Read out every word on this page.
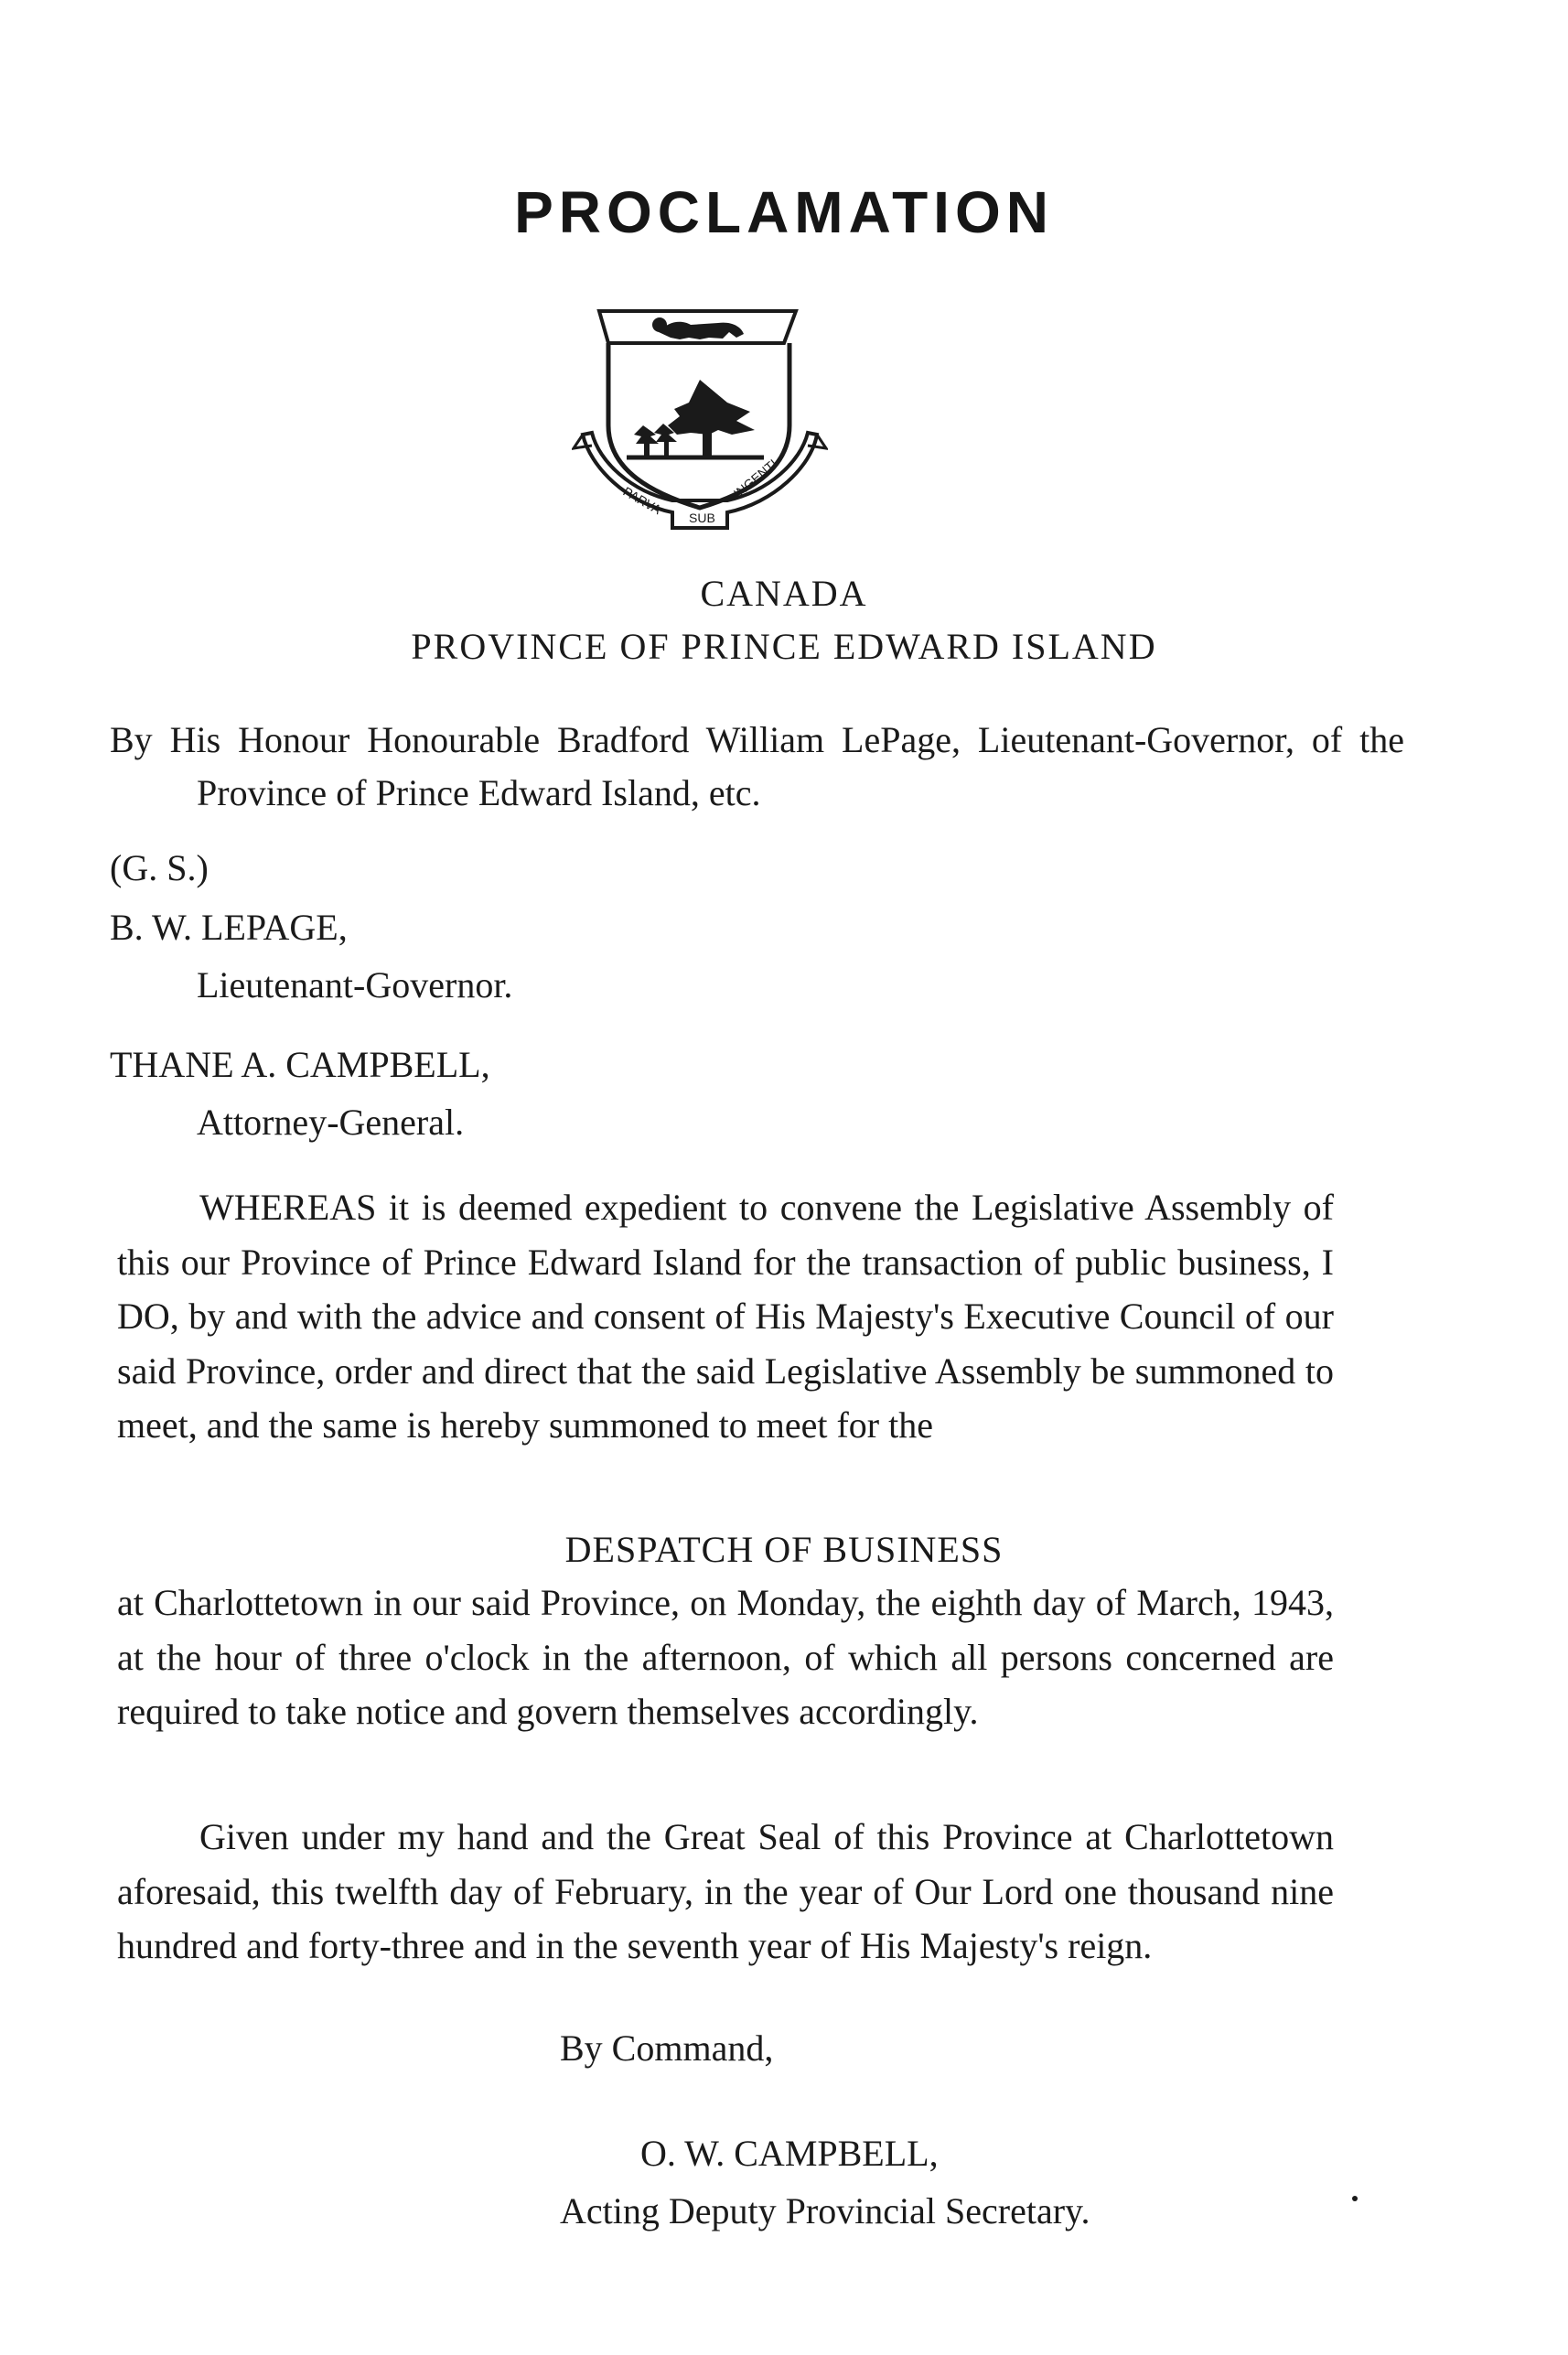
PROCLAMATION
PARVA
SUB
INGENTI
CANADA
PROVINCE OF PRINCE EDWARD ISLAND
By His Honour Honourable Bradford William LePage, Lieutenant-Governor, of the Province of Prince Edward Island, etc.
(G. S.)
B. W. LEPAGE,
Lieutenant-Governor.
THANE A. CAMPBELL,
Attorney-General.
WHEREAS it is deemed expedient to convene the Legislative Assembly of this our Province of Prince Edward Island for the transaction of public business, I DO, by and with the advice and consent of His Majesty's Executive Council of our said Province, order and direct that the said Legislative Assembly be summoned to meet, and the same is hereby summoned to meet for the
DESPATCH OF BUSINESS
at Charlottetown in our said Province, on Monday, the eighth day of March, 1943, at the hour of three o'clock in the afternoon, of which all persons concerned are required to take notice and govern themselves accordingly.
Given under my hand and the Great Seal of this Province at Charlottetown aforesaid, this twelfth day of February, in the year of Our Lord one thousand nine hundred and forty-three and in the seventh year of His Majesty's reign.
By Command,
O. W. CAMPBELL,
Acting Deputy Provincial Secretary.
